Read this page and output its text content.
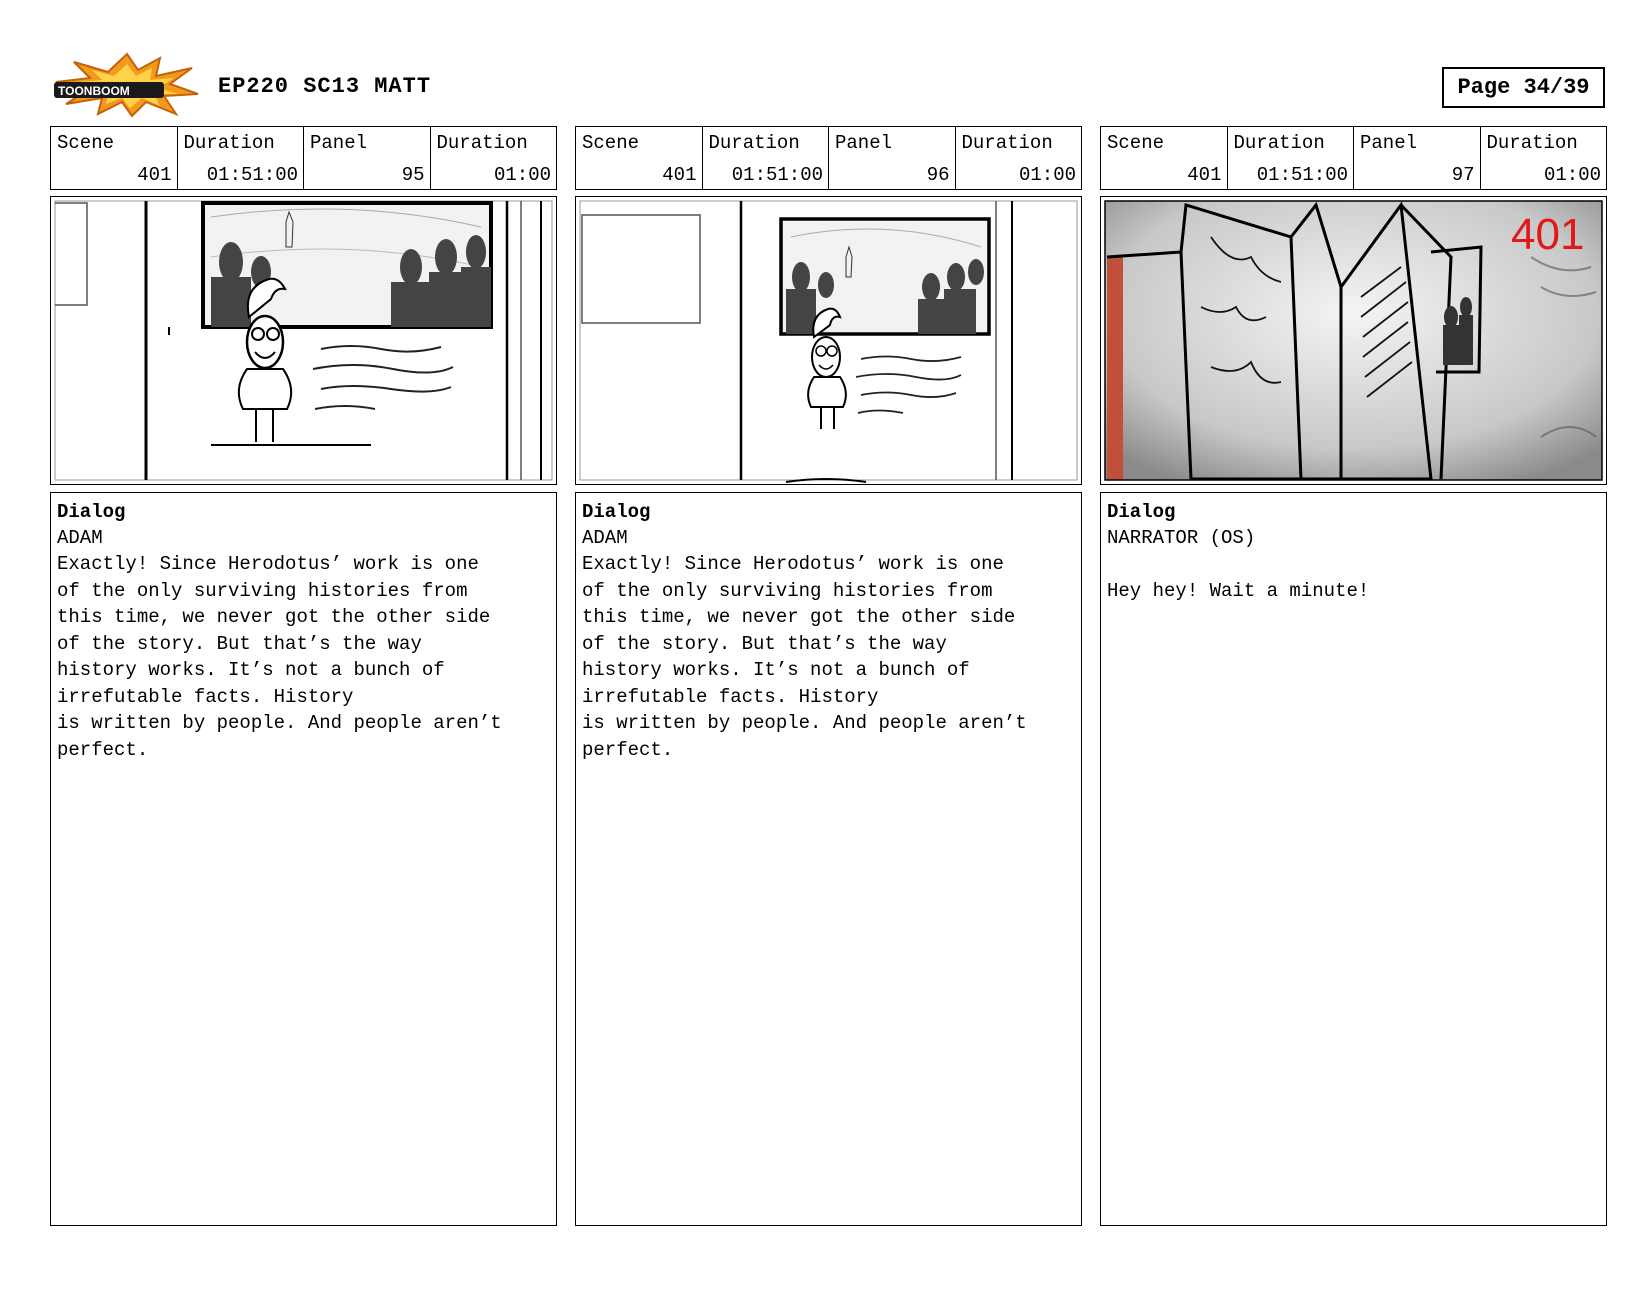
TOONBOOM	EP220 SC13 MATT	Page 34/39
Scene
401
Duration
01:51:00
Panel
95
Duration
01:00
Dialog
ADAM
Exactly! Since Herodotus’ work is one
of the only surviving histories from
this time, we never got the other side
of the story. But that’s the way
history works. It’s not a bunch of
irrefutable facts. History
is written by people. And people aren’t
perfect.
Scene
401
Duration
01:51:00
Panel
96
Duration
01:00
Dialog
ADAM
Exactly! Since Herodotus’ work is one
of the only surviving histories from
this time, we never got the other side
of the story. But that’s the way
history works. It’s not a bunch of
irrefutable facts. History
is written by people. And people aren’t
perfect.
Scene
401
Duration
01:51:00
Panel
97
Duration
01:00
401
Dialog
NARRATOR (OS)

Hey hey! Wait a minute!
